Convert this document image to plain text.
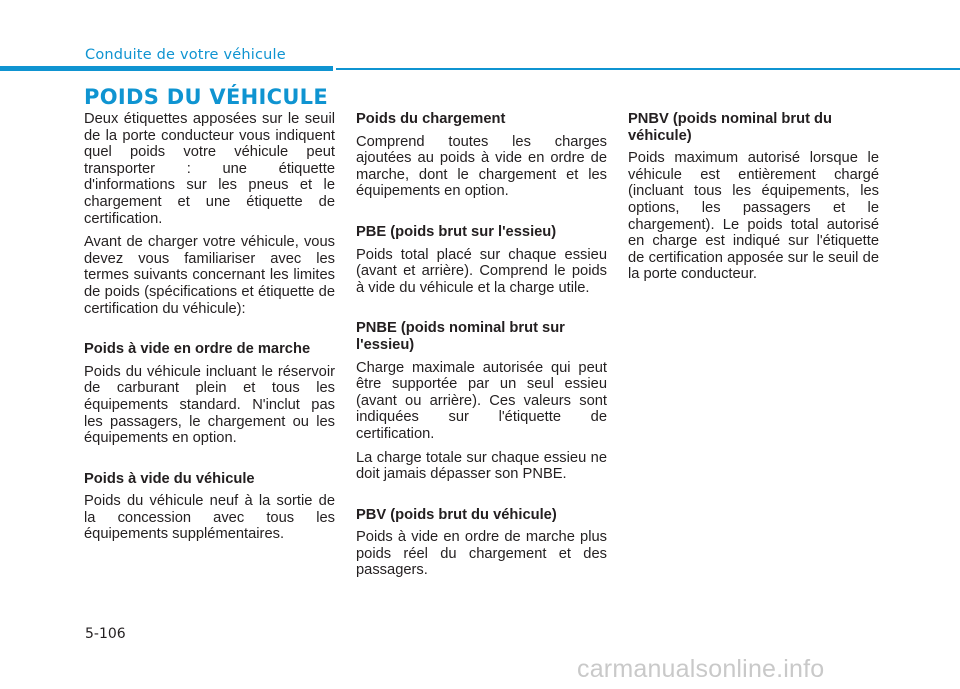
Conduite de votre véhicule
POIDS DU VÉHICULE

Deux étiquettes apposées sur le seuil de la porte conducteur vous indiquent quel poids votre véhicule peut transporter : une étiquette d'informations sur les pneus et le chargement et une étiquette de certification.

Avant de charger votre véhicule, vous devez vous familiariser avec les termes suivants concernant les limites de poids (spécifications et étiquette de certification du véhicule):

Poids à vide en ordre de marche

Poids du véhicule incluant le réservoir de carburant plein et tous les équipements standard. N'inclut pas les passagers, le chargement ou les équipements en option.

Poids à vide du véhicule

Poids du véhicule neuf à la sortie de la concession avec tous les équipements supplémentaires.

Poids du chargement

Comprend toutes les charges ajoutées au poids à vide en ordre de marche, dont le chargement et les équipements en option.

PBE (poids brut sur l'essieu)

Poids total placé sur chaque essieu (avant et arrière). Comprend le poids à vide du véhicule et la charge utile.

PNBE (poids nominal brut sur l'essieu)

Charge maximale autorisée qui peut être supportée par un seul essieu (avant ou arrière). Ces valeurs sont indiquées sur l'étiquette de certification.

La charge totale sur chaque essieu ne doit jamais dépasser son PNBE.

PBV (poids brut du véhicule)

Poids à vide en ordre de marche plus poids réel du chargement et des passagers.

PNBV (poids nominal brut du véhicule)

Poids maximum autorisé lorsque le véhicule est entièrement chargé (incluant tous les équipements, les options, les passagers et le chargement). Le poids total autorisé en charge est indiqué sur l'étiquette de certification apposée sur le seuil de la porte conducteur.

5-106
carmanualsonline.info
